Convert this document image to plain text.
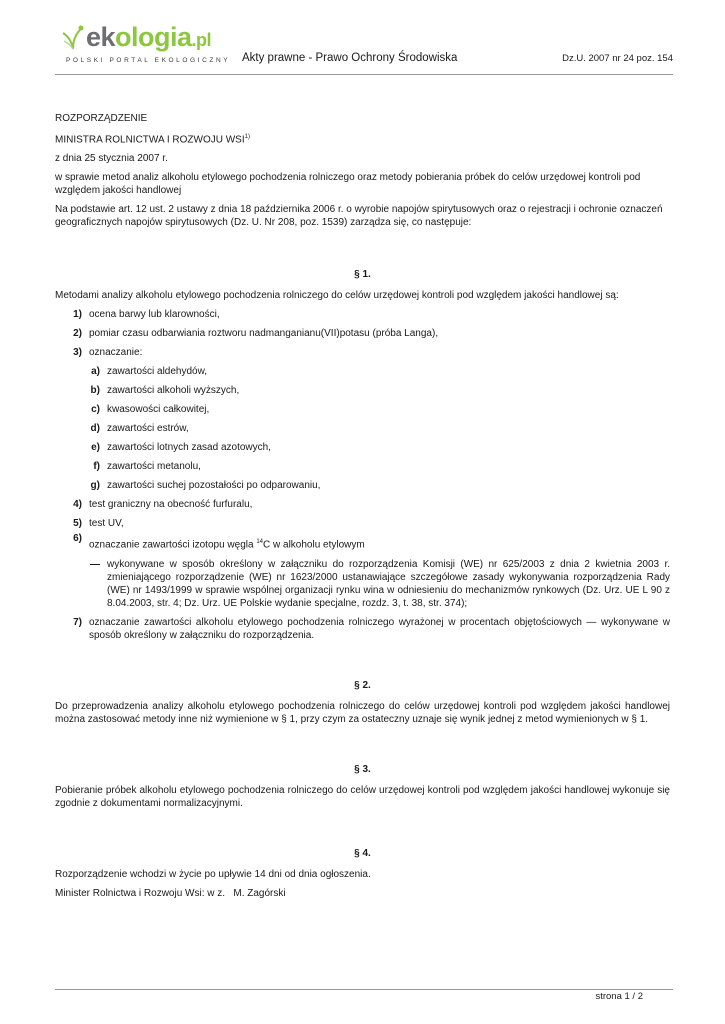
ekologia.pl
POLSKI PORTAL EKOLOGICZNY Akty prawne - Prawo Ochrony Środowiska	Dz.U. 2007 nr 24 poz. 154

ROZPORZĄDZENIE

MINISTRA ROLNICTWA I ROZWOJU WSI$^{1)}$

z dnia 25 stycznia 2007 r.

w sprawie metod analiz alkoholu etylowego pochodzenia rolniczego oraz metody pobierania próbek do celów urzędowej kontroli pod względem jakości handlowej

Na podstawie art. 12 ust. 2 ustawy z dnia 18 października 2006 r. o wyrobie napojów spirytusowych oraz o rejestracji i ochronie oznaczeń geograficznych napojów spirytusowych (Dz. U. Nr 208, poz. 1539) zarządza się, co następuje:

§ 1.

Metodami analizy alkoholu etylowego pochodzenia rolniczego do celów urzędowej kontroli pod względem jakości handlowej są:

1) ocena barwy lub klarowności,
2) pomiar czasu odbarwiania roztworu nadmanganianu(VII)potasu (próba Langa),
3) oznaczanie:
a) zawartości aldehydów,
b) zawartości alkoholi wyższych,
c) kwasowości całkowitej,
d) zawartości estrów,
e) zawartości lotnych zasad azotowych,
f) zawartości metanolu,
g) zawartości suchej pozostałości po odparowaniu,
4) test graniczny na obecność furfuralu,
5) test UV,
6)
oznaczanie zawartości izotopu węgla $^{14}$C w alkoholu etylowym
— wykonywane w sposób określony w załączniku do rozporządzenia Komisji (WE) nr 625/2003 z dnia 2 kwietnia 2003 r. zmieniającego rozporządzenie (WE) nr 1623/2000 ustanawiające szczegółowe zasady wykonywania rozporządzenia Rady (WE) nr 1493/1999 w sprawie wspólnej organizacji rynku wina w odniesieniu do mechanizmów rynkowych (Dz. Urz. UE L 90 z 8.04.2003, str. 4; Dz. Urz. UE Polskie wydanie specjalne, rozdz. 3, t. 38, str. 374);
7) oznaczanie zawartości alkoholu etylowego pochodzenia rolniczego wyrażonej w procentach objętościowych — wykonywane w sposób określony w załączniku do rozporządzenia.
§ 2.

Do przeprowadzenia analizy alkoholu etylowego pochodzenia rolniczego do celów urzędowej kontroli pod względem jakości handlowej można zastosować metody inne niż wymienione w § 1, przy czym za ostateczny uznaje się wynik jednej z metod wymienionych w § 1.

§ 3.

Pobieranie próbek alkoholu etylowego pochodzenia rolniczego do celów urzędowej kontroli pod względem jakości handlowej wykonuje się zgodnie z dokumentami normalizacyjnymi.

§ 4.

Rozporządzenie wchodzi w życie po upływie 14 dni od dnia ogłoszenia.

Minister Rolnictwa i Rozwoju Wsi: w z.   M. Zagórski

strona 1 / 2
